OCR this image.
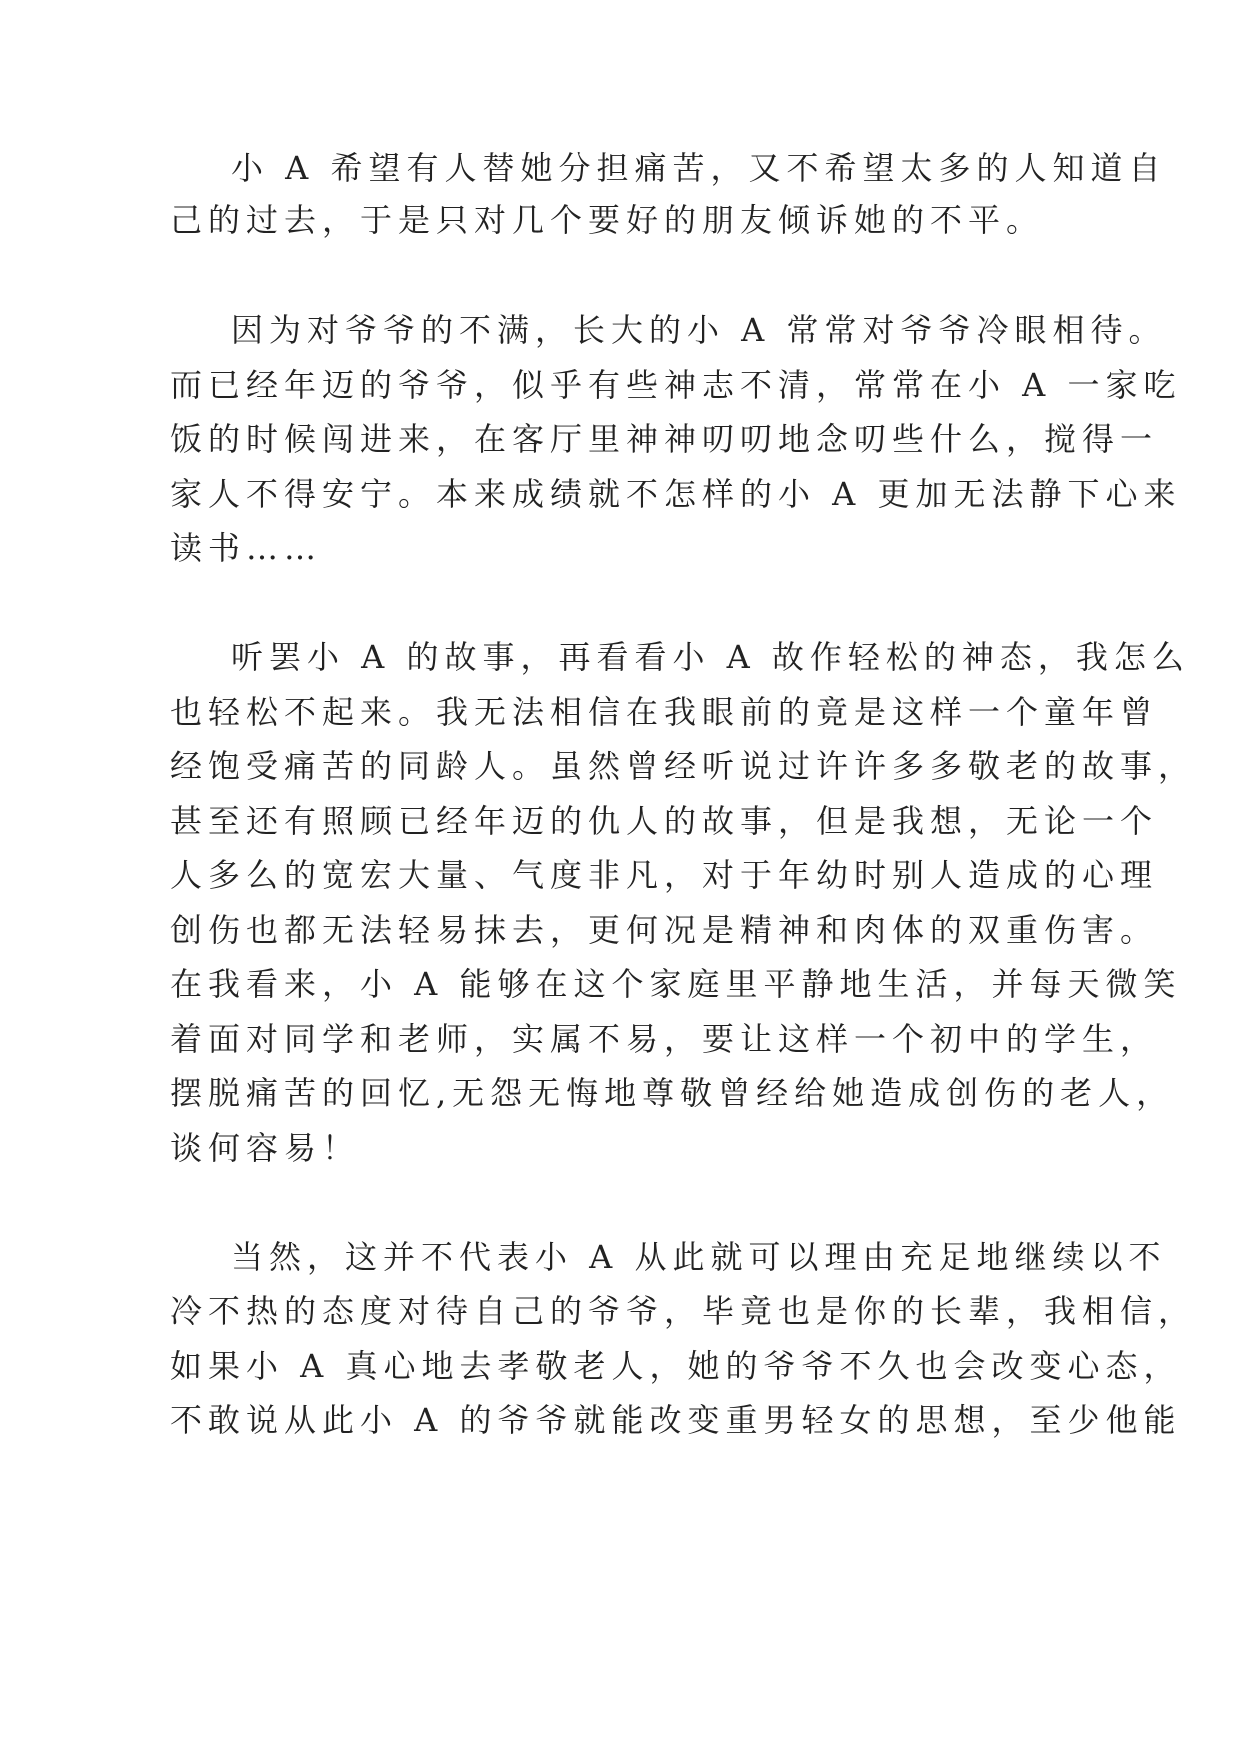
小 A 希望有人替她分担痛苦，又不希望太多的人知道自
己的过去，于是只对几个要好的朋友倾诉她的不平。
因为对爷爷的不满，长大的小 A 常常对爷爷冷眼相待。
而已经年迈的爷爷，似乎有些神志不清，常常在小 A 一家吃
饭的时候闯进来，在客厅里神神叨叨地念叨些什么，搅得一
家人不得安宁。本来成绩就不怎样的小 A 更加无法静下心来
读书……
听罢小 A 的故事，再看看小 A 故作轻松的神态，我怎么
也轻松不起来。我无法相信在我眼前的竟是这样一个童年曾
经饱受痛苦的同龄人。虽然曾经听说过许许多多敬老的故事，
甚至还有照顾已经年迈的仇人的故事，但是我想，无论一个
人多么的宽宏大量、气度非凡，对于年幼时别人造成的心理
创伤也都无法轻易抹去，更何况是精神和肉体的双重伤害。
在我看来，小 A 能够在这个家庭里平静地生活，并每天微笑
着面对同学和老师，实属不易，要让这样一个初中的学生，
摆脱痛苦的回忆,无怨无悔地尊敬曾经给她造成创伤的老人，
谈何容易！
当然，这并不代表小 A 从此就可以理由充足地继续以不
冷不热的态度对待自己的爷爷，毕竟也是你的长辈，我相信，
如果小 A 真心地去孝敬老人，她的爷爷不久也会改变心态，
不敢说从此小 A 的爷爷就能改变重男轻女的思想，至少他能
